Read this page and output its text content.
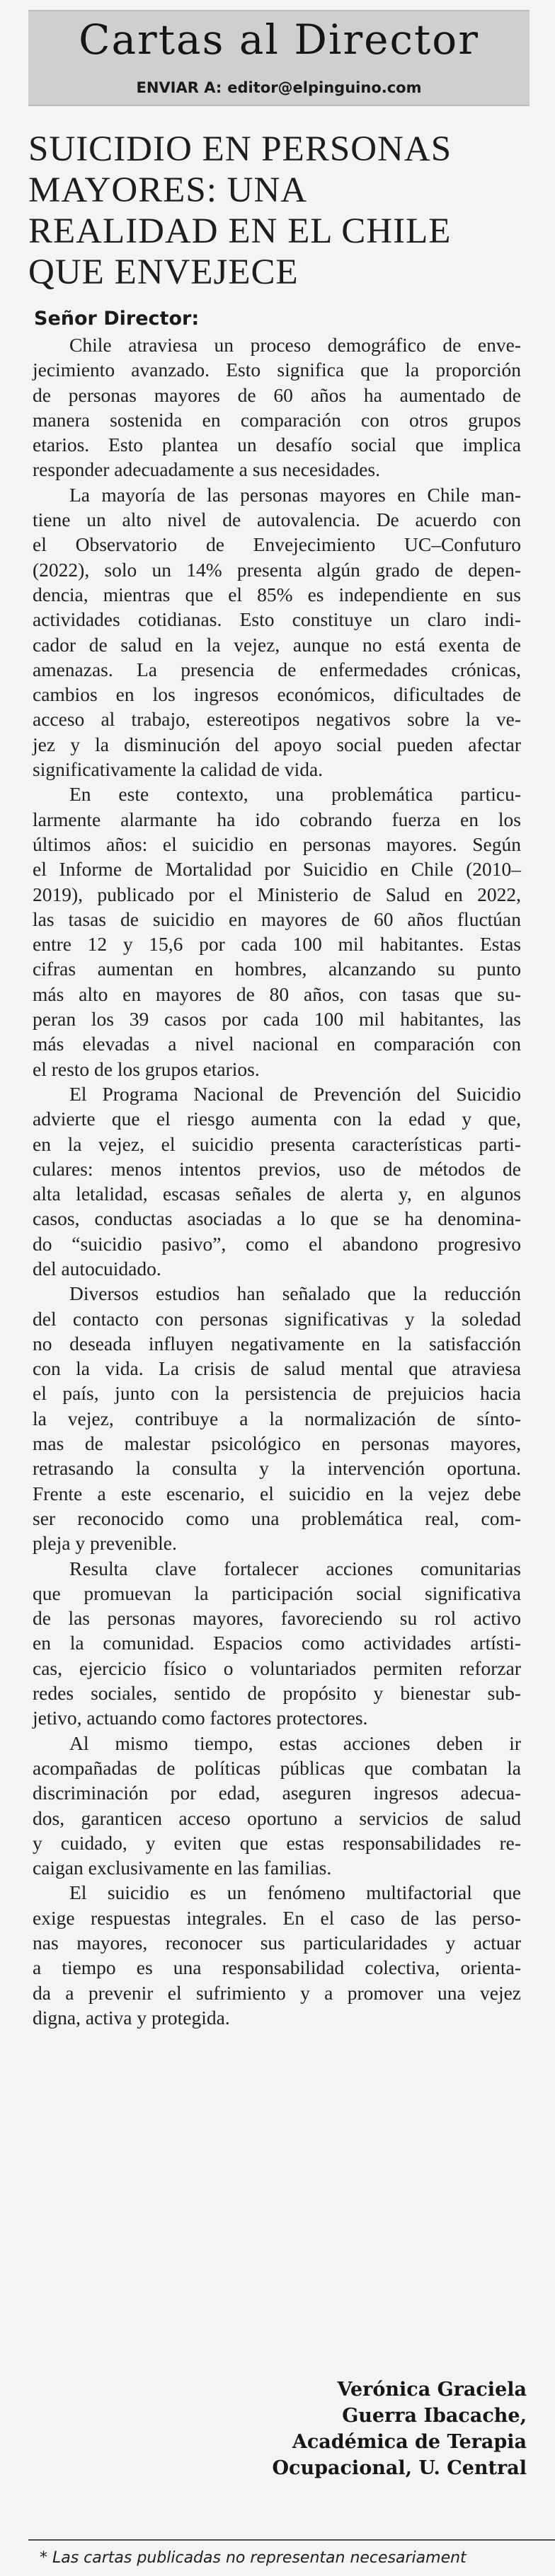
Cartas al Director
ENVIAR A: editor@elpinguino.com
SUICIDIO EN PERSONAS
MAYORES: UNA
REALIDAD EN EL CHILE
QUE ENVEJECE
Señor Director:
Chile atraviesa un proceso demográfico de enve-
jecimiento avanzado. Esto significa que la proporción
de personas mayores de 60 años ha aumentado de
manera sostenida en comparación con otros grupos
etarios. Esto plantea un desafío social que implica
responder adecuadamente a sus necesidades.
La mayoría de las personas mayores en Chile man-
tiene un alto nivel de autovalencia. De acuerdo con
el Observatorio de Envejecimiento UC–Confuturo
(2022), solo un 14% presenta algún grado de depen-
dencia, mientras que el 85% es independiente en sus
actividades cotidianas. Esto constituye un claro indi-
cador de salud en la vejez, aunque no está exenta de
amenazas. La presencia de enfermedades crónicas,
cambios en los ingresos económicos, dificultades de
acceso al trabajo, estereotipos negativos sobre la ve-
jez y la disminución del apoyo social pueden afectar
significativamente la calidad de vida.
En este contexto, una problemática particu-
larmente alarmante ha ido cobrando fuerza en los
últimos años: el suicidio en personas mayores. Según
el Informe de Mortalidad por Suicidio en Chile (2010–
2019), publicado por el Ministerio de Salud en 2022,
las tasas de suicidio en mayores de 60 años fluctúan
entre 12 y 15,6 por cada 100 mil habitantes. Estas
cifras aumentan en hombres, alcanzando su punto
más alto en mayores de 80 años, con tasas que su-
peran los 39 casos por cada 100 mil habitantes, las
más elevadas a nivel nacional en comparación con
el resto de los grupos etarios.
El Programa Nacional de Prevención del Suicidio
advierte que el riesgo aumenta con la edad y que,
en la vejez, el suicidio presenta características parti-
culares: menos intentos previos, uso de métodos de
alta letalidad, escasas señales de alerta y, en algunos
casos, conductas asociadas a lo que se ha denomina-
do “suicidio pasivo”, como el abandono progresivo
del autocuidado.
Diversos estudios han señalado que la reducción
del contacto con personas significativas y la soledad
no deseada influyen negativamente en la satisfacción
con la vida. La crisis de salud mental que atraviesa
el país, junto con la persistencia de prejuicios hacia
la vejez, contribuye a la normalización de sínto-
mas de malestar psicológico en personas mayores,
retrasando la consulta y la intervención oportuna.
Frente a este escenario, el suicidio en la vejez debe
ser reconocido como una problemática real, com-
pleja y prevenible.
Resulta clave fortalecer acciones comunitarias
que promuevan la participación social significativa
de las personas mayores, favoreciendo su rol activo
en la comunidad. Espacios como actividades artísti-
cas, ejercicio físico o voluntariados permiten reforzar
redes sociales, sentido de propósito y bienestar sub-
jetivo, actuando como factores protectores.
Al mismo tiempo, estas acciones deben ir
acompañadas de políticas públicas que combatan la
discriminación por edad, aseguren ingresos adecua-
dos, garanticen acceso oportuno a servicios de salud
y cuidado, y eviten que estas responsabilidades re-
caigan exclusivamente en las familias.
El suicidio es un fenómeno multifactorial que
exige respuestas integrales. En el caso de las perso-
nas mayores, reconocer sus particularidades y actuar
a tiempo es una responsabilidad colectiva, orienta-
da a prevenir el sufrimiento y a promover una vejez
digna, activa y protegida.
Verónica Graciela
Guerra Ibacache,
Académica de Terapia
Ocupacional, U. Central
* Las cartas publicadas no representan necesariament
